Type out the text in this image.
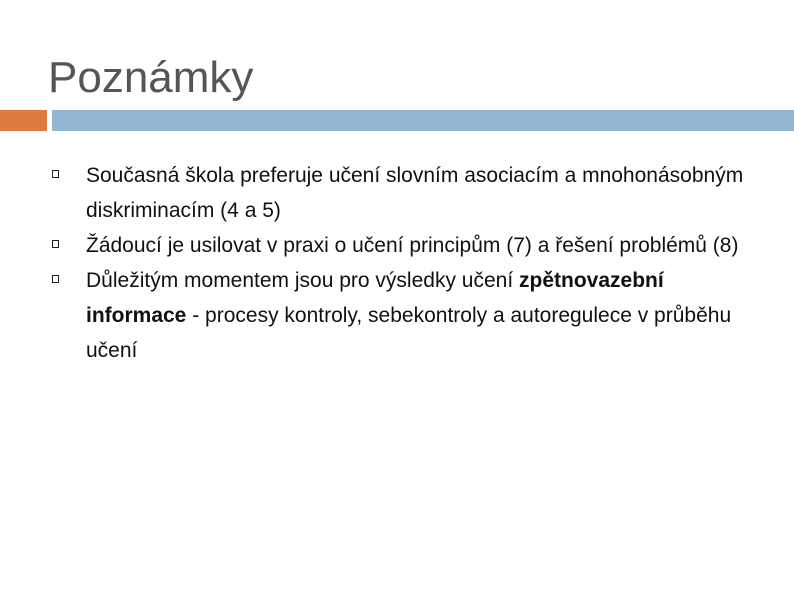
Poznámky
Současná škola preferuje učení slovním asociacím a mnohonásobným diskriminacím (4 a 5)
Žádoucí je usilovat v praxi o učení principům (7) a řešení problémů (8)
Důležitým momentem jsou pro výsledky učení zpětnovazební informace - procesy kontroly, sebekontroly a autoregulece v průběhu učení
